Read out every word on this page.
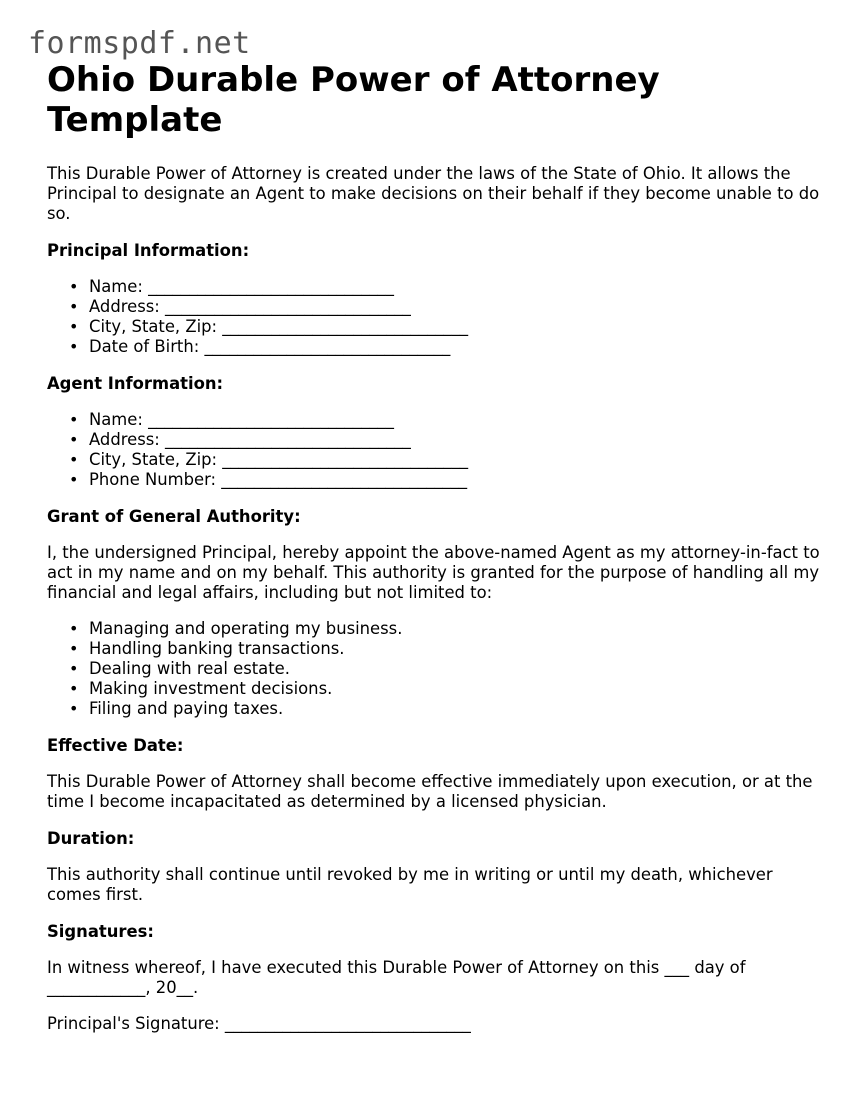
formspdf.net
Ohio Durable Power of Attorney Template

This Durable Power of Attorney is created under the laws of the State of Ohio. It allows the Principal to designate an Agent to make decisions on their behalf if they become unable to do so.

Principal Information:
• Name: ______________________________
• Address: ______________________________
• City, State, Zip: ______________________________
• Date of Birth: ______________________________
Agent Information:
• Name: ______________________________
• Address: ______________________________
• City, State, Zip: ______________________________
• Phone Number: ______________________________
Grant of General Authority:

I, the undersigned Principal, hereby appoint the above-named Agent as my attorney-in-fact to act in my name and on my behalf. This authority is granted for the purpose of handling all my financial and legal affairs, including but not limited to:

• Managing and operating my business.
• Handling banking transactions.
• Dealing with real estate.
• Making investment decisions.
• Filing and paying taxes.
Effective Date:

This Durable Power of Attorney shall become effective immediately upon execution, or at the time I become incapacitated as determined by a licensed physician.

Duration:

This authority shall continue until revoked by me in writing or until my death, whichever comes first.

Signatures:

In witness whereof, I have executed this Durable Power of Attorney on this ___ day of ____________, 20__.

Principal's Signature: ______________________________
